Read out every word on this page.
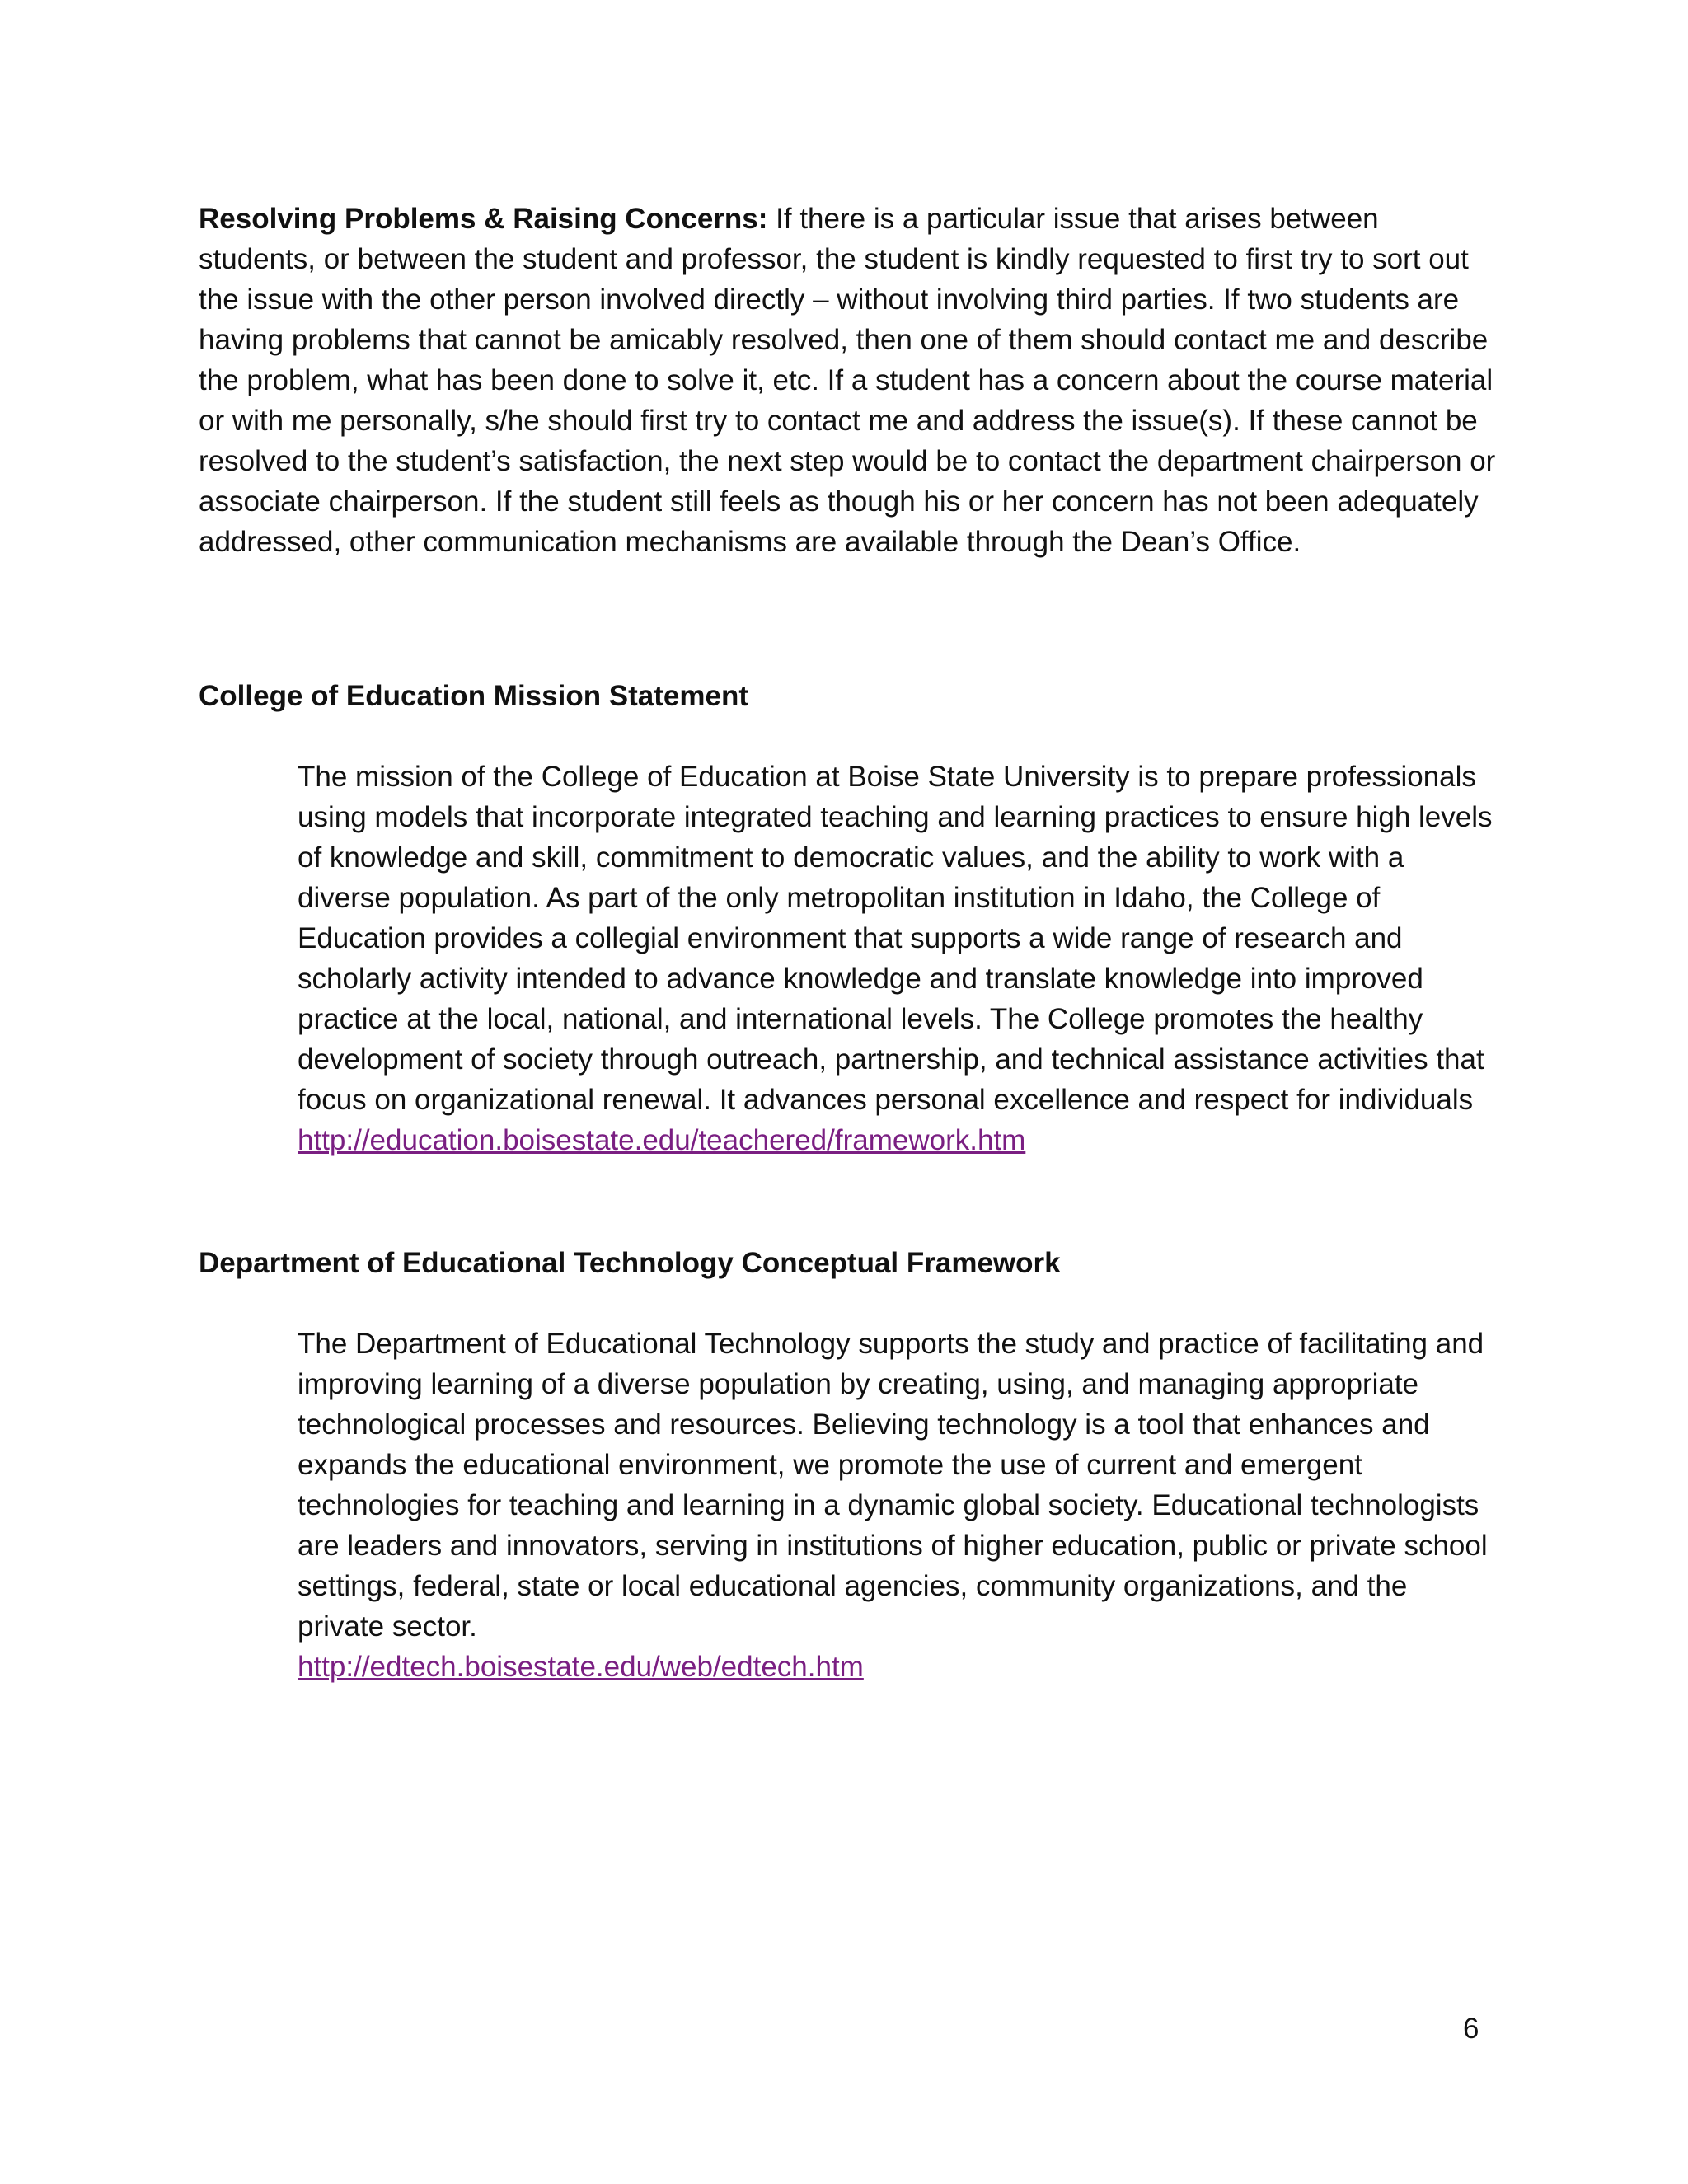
Resolving Problems & Raising Concerns: If there is a particular issue that arises between students, or between the student and professor, the student is kindly requested to first try to sort out the issue with the other person involved directly – without involving third parties. If two students are having problems that cannot be amicably resolved, then one of them should contact me and describe the problem, what has been done to solve it, etc. If a student has a concern about the course material or with me personally, s/he should first try to contact me and address the issue(s). If these cannot be resolved to the student’s satisfaction, the next step would be to contact the department chairperson or associate chairperson. If the student still feels as though his or her concern has not been adequately addressed, other communication mechanisms are available through the Dean’s Office.

College of Education Mission Statement

The mission of the College of Education at Boise State University is to prepare professionals using models that incorporate integrated teaching and learning practices to ensure high levels of knowledge and skill, commitment to democratic values, and the ability to work with a diverse population. As part of the only metropolitan institution in Idaho, the College of Education provides a collegial environment that supports a wide range of research and scholarly activity intended to advance knowledge and translate knowledge into improved practice at the local, national, and international levels. The College promotes the healthy development of society through outreach, partnership, and technical assistance activities that focus on organizational renewal. It advances personal excellence and respect for individuals
http://education.boisestate.edu/teachered/framework.htm

Department of Educational Technology Conceptual Framework

The Department of Educational Technology supports the study and practice of facilitating and improving learning of a diverse population by creating, using, and managing appropriate technological processes and resources. Believing technology is a tool that enhances and expands the educational environment, we promote the use of current and emergent technologies for teaching and learning in a dynamic global society. Educational technologists are leaders and innovators, serving in institutions of higher education, public or private school settings, federal, state or local educational agencies, community organizations, and the private sector.
http://edtech.boisestate.edu/web/edtech.htm

6
